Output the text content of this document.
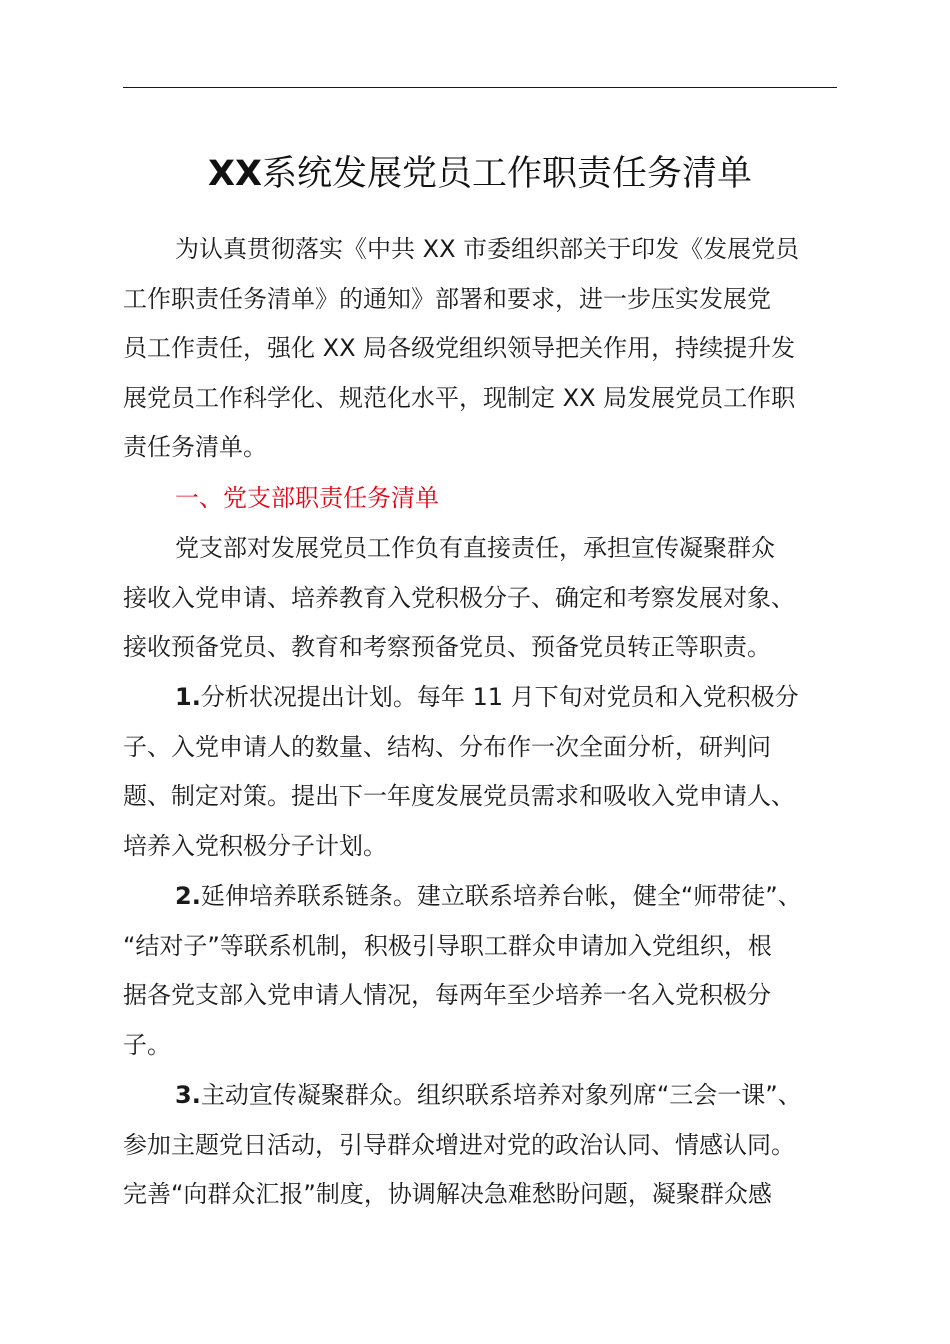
XX系统发展党员工作职责任务清单
为认真贯彻落实《中共 XX 市委组织部关于印发《发展党员
工作职责任务清单》的通知》部署和要求，进一步压实发展党
员工作责任，强化 XX 局各级党组织领导把关作用，持续提升发
展党员工作科学化、规范化水平，现制定 XX 局发展党员工作职
责任务清单。
一、党支部职责任务清单
党支部对发展党员工作负有直接责任，承担宣传凝聚群众
接收入党申请、培养教育入党积极分子、确定和考察发展对象、
接收预备党员、教育和考察预备党员、预备党员转正等职责。
1.分析状况提出计划。每年 11 月下旬对党员和入党积极分
子、入党申请人的数量、结构、分布作一次全面分析，研判问
题、制定对策。提出下一年度发展党员需求和吸收入党申请人、
培养入党积极分子计划。
2.延伸培养联系链条。建立联系培养台帐，健全“师带徒”、
“结对子”等联系机制，积极引导职工群众申请加入党组织，根
据各党支部入党申请人情况，每两年至少培养一名入党积极分
子。
3.主动宣传凝聚群众。组织联系培养对象列席“三会一课”、
参加主题党日活动，引导群众增进对党的政治认同、情感认同。
完善“向群众汇报”制度，协调解决急难愁盼问题，凝聚群众感
